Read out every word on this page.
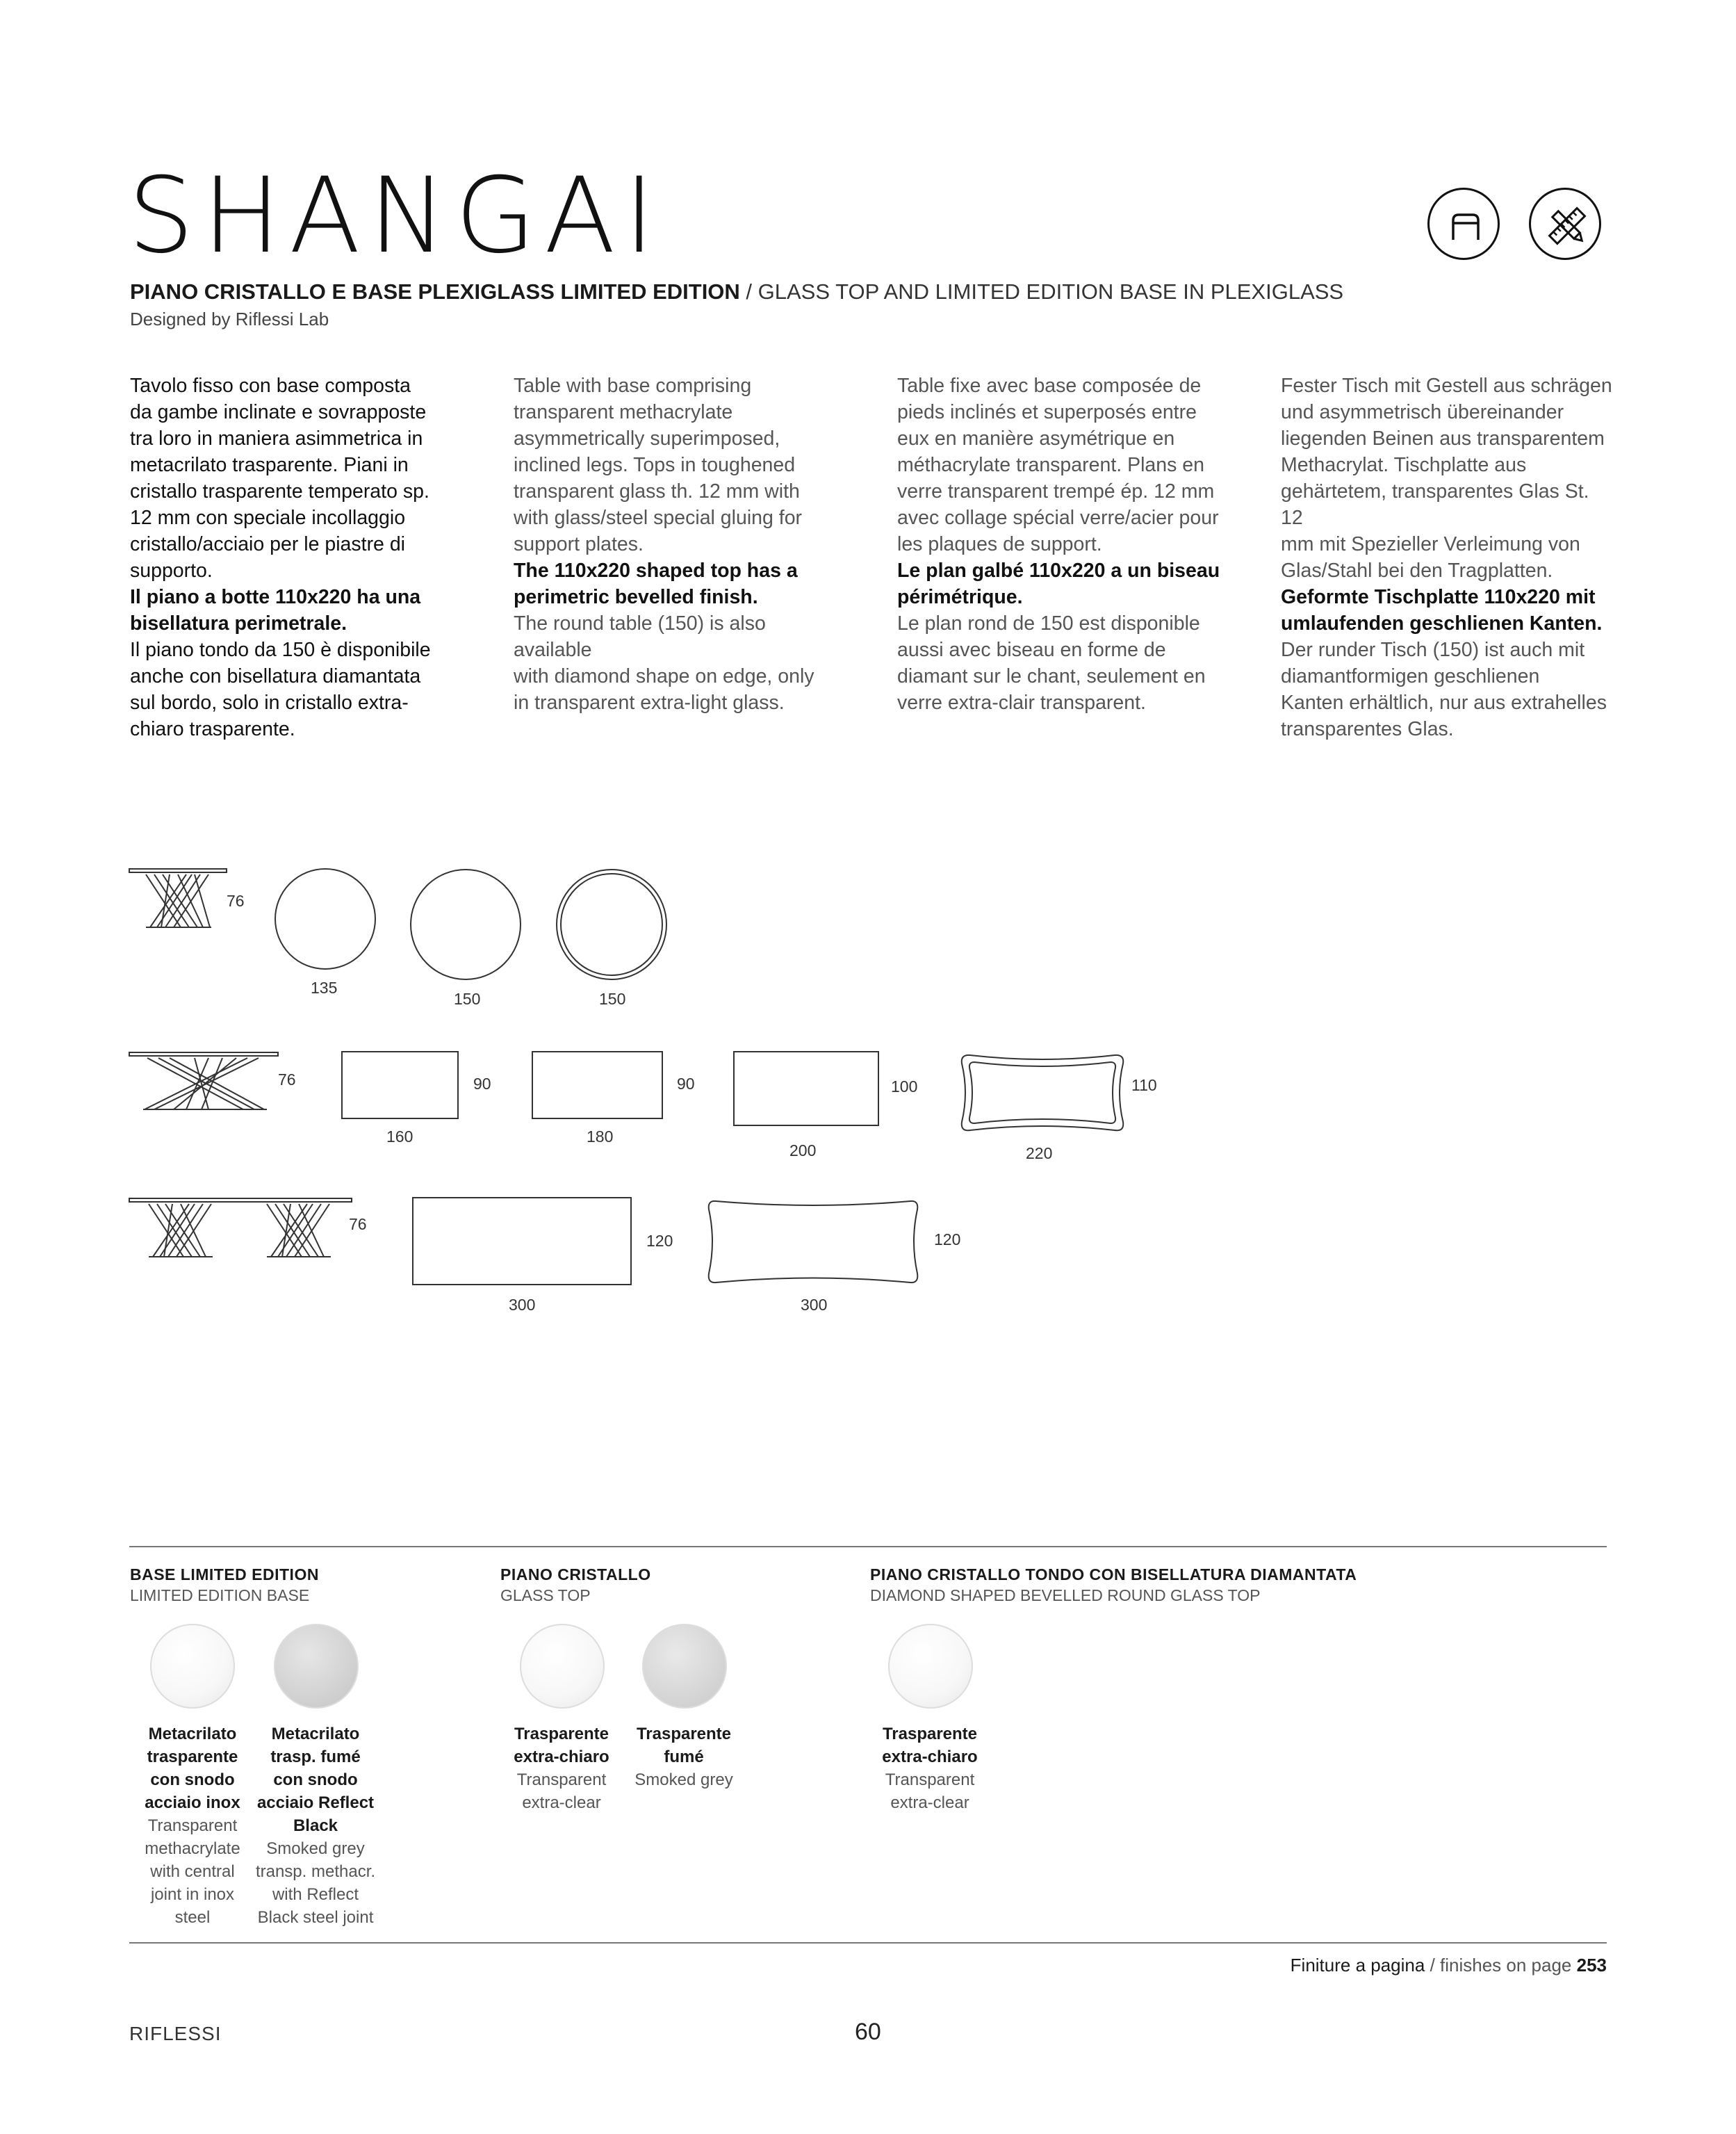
SHANGAI
PIANO CRISTALLO E BASE PLEXIGLASS LIMITED EDITION / GLASS TOP AND LIMITED EDITION BASE IN PLEXIGLASS
Designed by Riflessi Lab
Tavolo fisso con base composta
da gambe inclinate e sovrapposte
tra loro in maniera asimmetrica in
metacrilato trasparente. Piani in
cristallo trasparente temperato sp.
12 mm con speciale incollaggio
cristallo/acciaio per le piastre di
supporto.
Il piano a botte 110x220 ha una
bisellatura perimetrale.
Il piano tondo da 150 è disponibile
anche con bisellatura diamantata
sul bordo, solo in cristallo extra-
chiaro trasparente.
Table with base comprising
transparent methacrylate
asymmetrically superimposed,
inclined legs. Tops in toughened
transparent glass th. 12 mm with
with glass/steel special gluing for
support plates.
The 110x220 shaped top has a
perimetric bevelled finish.
The round table (150) is also available
with diamond shape on edge, only
in transparent extra-light glass.
Table fixe avec base composée de
pieds inclinés et superposés entre
eux en manière asymétrique en
méthacrylate transparent. Plans en
verre transparent trempé ép. 12 mm
avec collage spécial verre/acier pour
les plaques de support.
Le plan galbé 110x220 a un biseau
périmétrique.
Le plan rond de 150 est disponible
aussi avec biseau en forme de
diamant sur le chant, seulement en
verre extra-clair transparent.
Fester Tisch mit Gestell aus schrägen
und asymmetrisch übereinander
liegenden Beinen aus transparentem
Methacrylat. Tischplatte aus
gehärtetem, transparentes Glas St. 12
mm mit Spezieller Verleimung von
Glas/Stahl bei den Tragplatten.
Geformte Tischplatte 110x220 mit
umlaufenden geschlienen Kanten.
Der runder Tisch (150) ist auch mit
diamantformigen geschlienen
Kanten erhältlich, nur aus extrahelles
transparentes Glas.
76
135
150	150
76	90
160
90
180
100
200
110
220
76
120
300
120
300
BASE LIMITED EDITION
LIMITED EDITION BASE
PIANO CRISTALLO
GLASS TOP
PIANO CRISTALLO TONDO CON BISELLATURA DIAMANTATA
DIAMOND SHAPED BEVELLED ROUND GLASS TOP
Metacrilato
trasparente
con snodo
acciaio inox
Transparent
methacrylate
with central
joint in inox
steel
Metacrilato
trasp. fumé
con snodo
acciaio Reflect
Black
Smoked grey
transp. methacr.
with Reflect
Black steel joint
Trasparente
extra-chiaro
Transparent
extra-clear
Trasparente
fumé
Smoked grey
Trasparente
extra-chiaro
Transparent
extra-clear
Finiture a pagina / finishes on page 253
RIFLESSI	60
